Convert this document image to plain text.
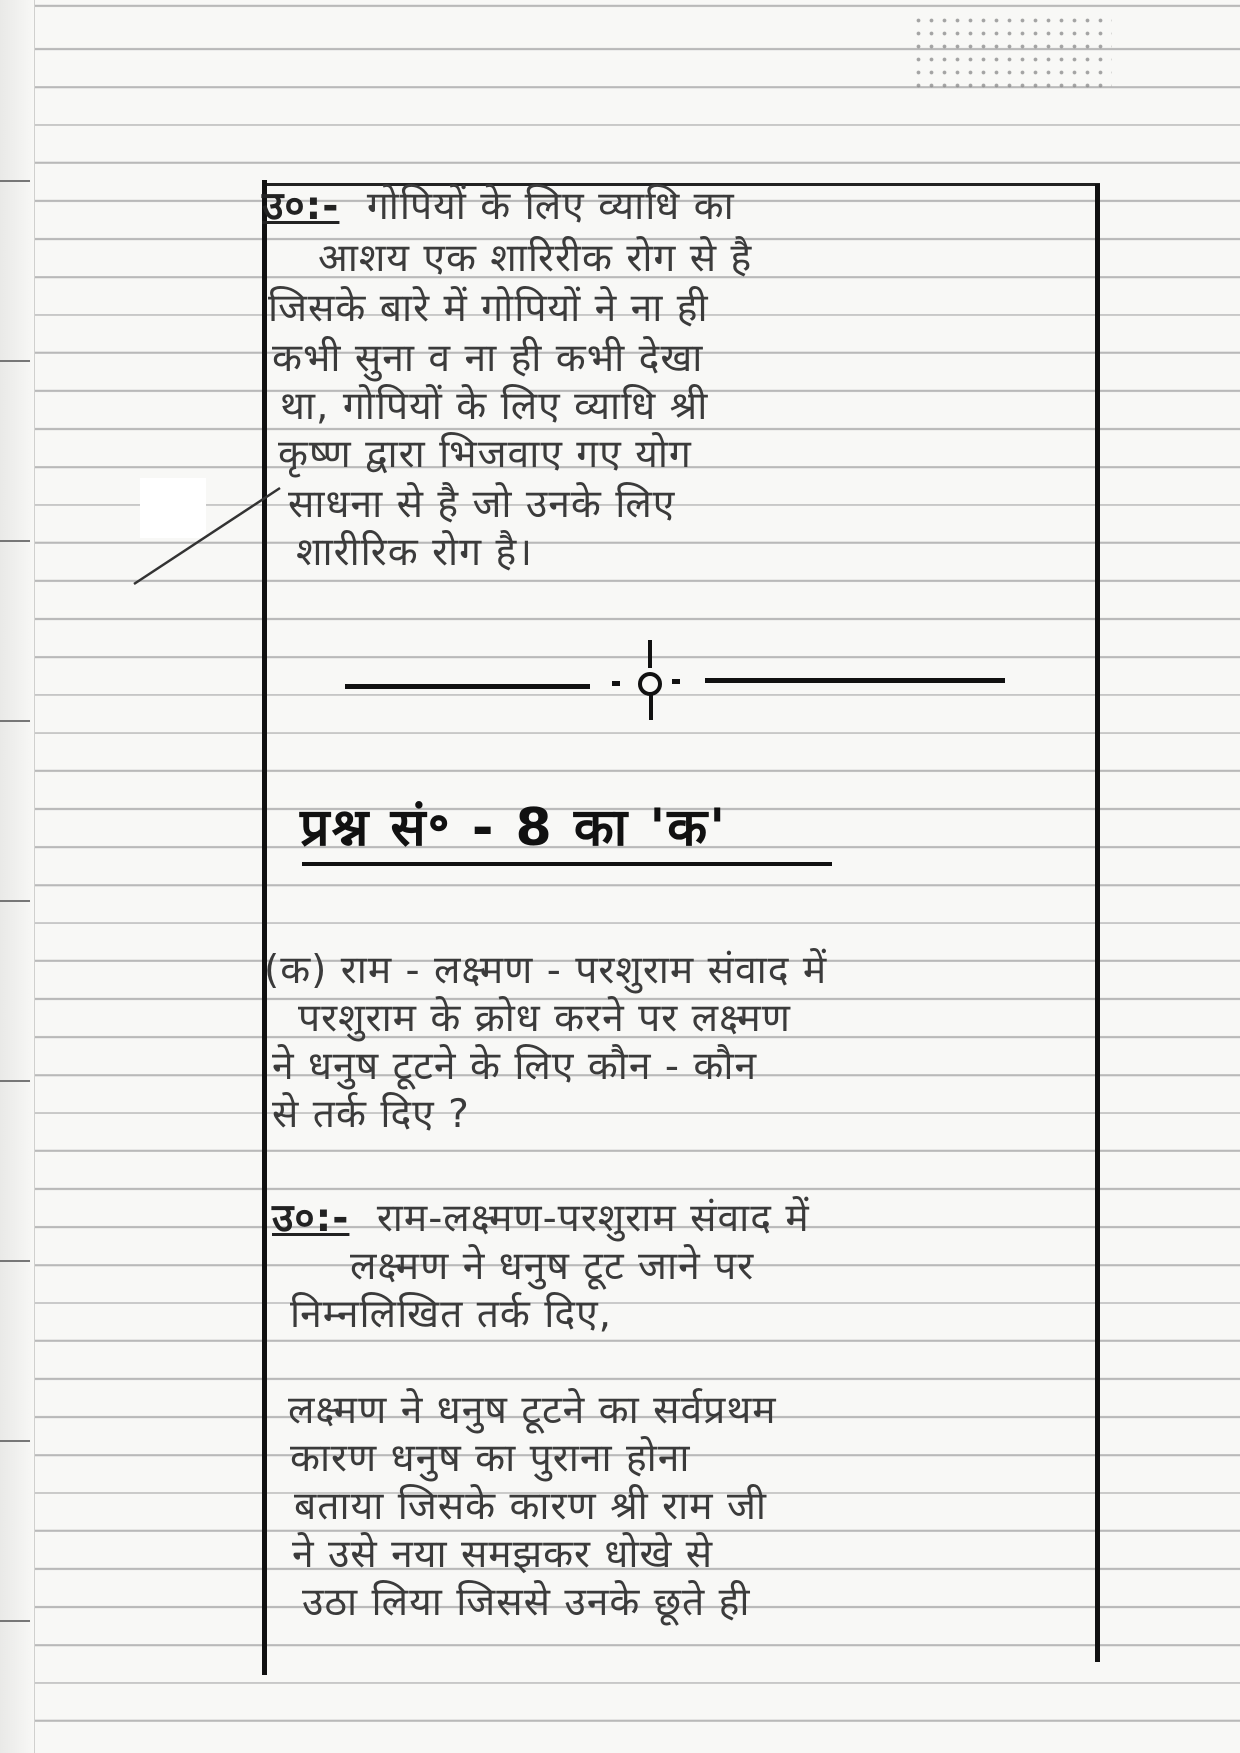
उ०:- गोपियों के लिए व्याधि का
आशय एक शारिरीक रोग से है
जिसके बारे में गोपियों ने ना ही
कभी सुना व ना ही कभी देखा
था, गोपियों के लिए व्याधि श्री
कृष्ण द्वारा भिजवाए गए योग
साधना से है जो उनके लिए
शारीरिक रोग है।
प्रश्न सं॰ - 8 का 'क'
(क) राम - लक्ष्मण - परशुराम संवाद में
परशुराम के क्रोध करने पर लक्ष्मण
ने धनुष टूटने के लिए कौन - कौन
से तर्क दिए ?
उ०:- राम-लक्ष्मण-परशुराम संवाद में
लक्ष्मण ने धनुष टूट जाने पर
निम्नलिखित तर्क दिए,
लक्ष्मण ने धनुष टूटने का सर्वप्रथम
कारण धनुष का पुराना होना
बताया जिसके कारण श्री राम जी
ने उसे नया समझकर धोखे से
उठा लिया जिससे उनके छूते ही
